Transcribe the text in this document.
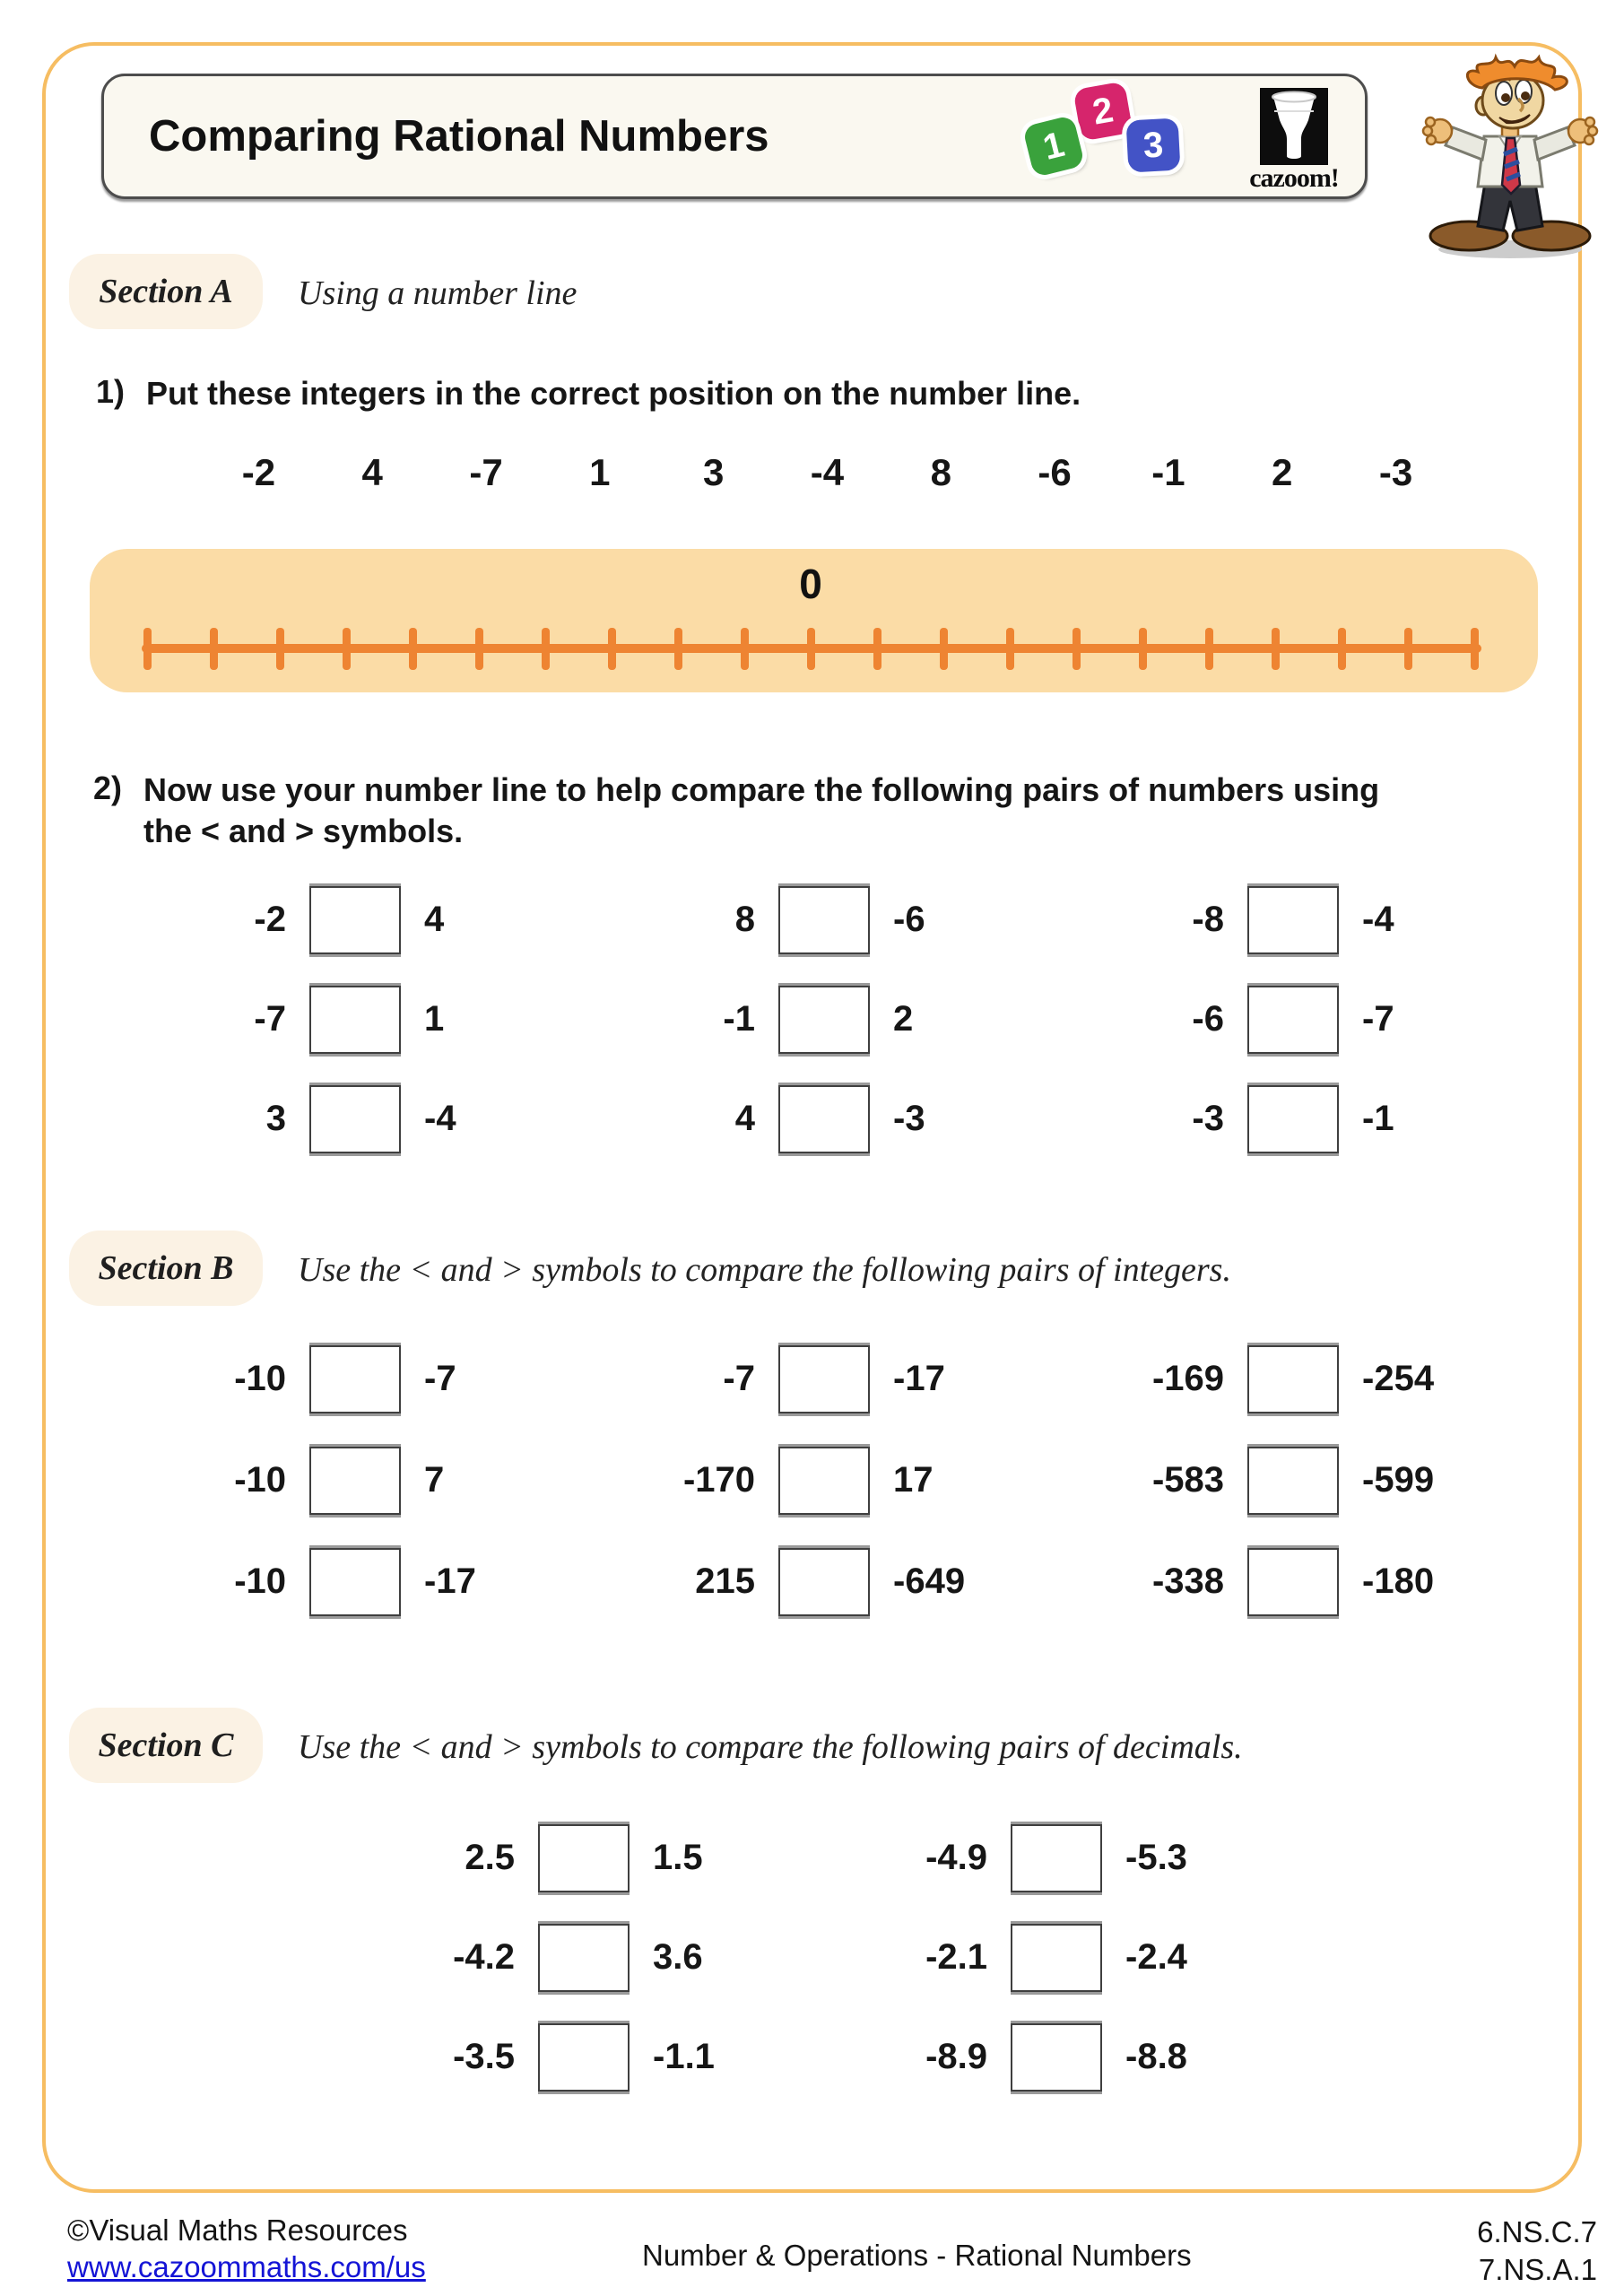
Comparing Rational Numbers
2
1 3
cazoom!
Section A Using a number line
1) Put these integers in the correct position on the number line.
-2	4	-7	1	3	-4	8	-6	-1	2	-3
0
2) Now use your number line to help compare the following pairs of numbers using
the < and > symbols.
-2	4	8	-6	-8	-4
-7	1	-1	2	-6	-7
3	-4	4	-3	-3	-1
Section B Use the < and > symbols to compare the following pairs of integers.
-10	-7	-7	-17	-169	-254
-10	7	-170	17	-583	-599
-10	-17	215	-649	-338	-180
Section C Use the < and > symbols to compare the following pairs of decimals.
2.5	1.5	-4.9	-5.3
-4.2	3.6	-2.1	-2.4
-3.5	-1.1	-8.9	-8.8
©Visual Maths Resources
www.cazoommaths.com/us	Number & Operations - Rational Numbers
6.NS.C.7
7.NS.A.1
